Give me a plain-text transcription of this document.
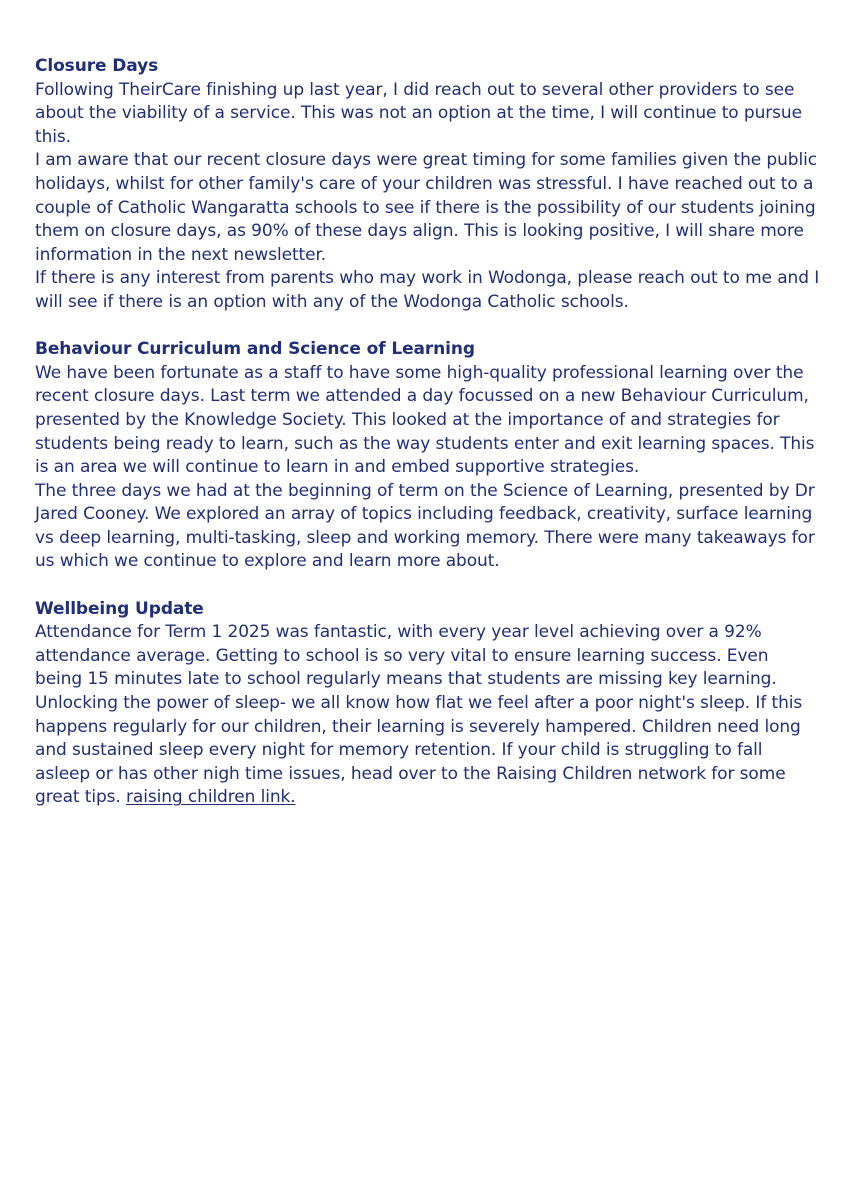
Closure Days

Following TheirCare finishing up last year, I did reach out to several other providers to see about the viability of a service. This was not an option at the time, I will continue to pursue this.

I am aware that our recent closure days were great timing for some families given the public holidays, whilst for other family's care of your children was stressful. I have reached out to a couple of Catholic Wangaratta schools to see if there is the possibility of our students joining them on closure days, as 90% of these days align. This is looking positive, I will share more information in the next newsletter.

If there is any interest from parents who may work in Wodonga, please reach out to me and I will see if there is an option with any of the Wodonga Catholic schools.

Behaviour Curriculum and Science of Learning

We have been fortunate as a staff to have some high-quality professional learning over the recent closure days. Last term we attended a day focussed on a new Behaviour Curriculum, presented by the Knowledge Society. This looked at the importance of and strategies for students being ready to learn, such as the way students enter and exit learning spaces. This is an area we will continue to learn in and embed supportive strategies.

The three days we had at the beginning of term on the Science of Learning, presented by Dr Jared Cooney. We explored an array of topics including feedback, creativity, surface learning vs deep learning, multi-tasking, sleep and working memory. There were many takeaways for us which we continue to explore and learn more about.

Wellbeing Update

Attendance for Term 1 2025 was fantastic, with every year level achieving over a 92% attendance average. Getting to school is so very vital to ensure learning success. Even being 15 minutes late to school regularly means that students are missing key learning.

Unlocking the power of sleep- we all know how flat we feel after a poor night's sleep. If this happens regularly for our children, their learning is severely hampered. Children need long and sustained sleep every night for memory retention. If your child is struggling to fall asleep or has other nigh time issues, head over to the Raising Children network for some great tips. raising children link.
